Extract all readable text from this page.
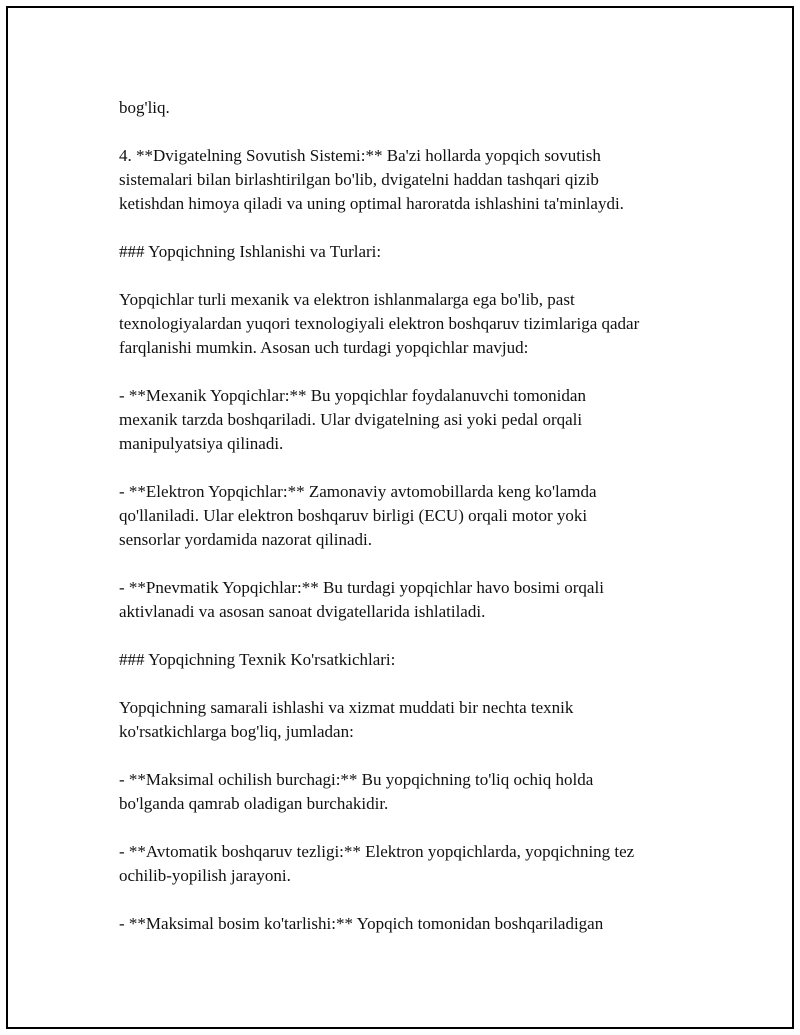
bog'liq.
4. **Dvigatelning Sovutish Sistemi:** Ba'zi hollarda yopqich sovutish
sistemalari bilan birlashtirilgan bo'lib, dvigatelni haddan tashqari qizib
ketishdan himoya qiladi va uning optimal haroratda ishlashini ta'minlaydi.
### Yopqichning Ishlanishi va Turlari:
Yopqichlar turli mexanik va elektron ishlanmalarga ega bo'lib, past
texnologiyalardan yuqori texnologiyali elektron boshqaruv tizimlariga qadar
farqlanishi mumkin. Asosan uch turdagi yopqichlar mavjud:
- **Mexanik Yopqichlar:** Bu yopqichlar foydalanuvchi tomonidan
mexanik tarzda boshqariladi. Ular dvigatelning asi yoki pedal orqali
manipulyatsiya qilinadi.
- **Elektron Yopqichlar:** Zamonaviy avtomobillarda keng ko'lamda
qo'llaniladi. Ular elektron boshqaruv birligi (ECU) orqali motor yoki
sensorlar yordamida nazorat qilinadi.
- **Pnevmatik Yopqichlar:** Bu turdagi yopqichlar havo bosimi orqali
aktivlanadi va asosan sanoat dvigatellarida ishlatiladi.
### Yopqichning Texnik Ko'rsatkichlari:
Yopqichning samarali ishlashi va xizmat muddati bir nechta texnik
ko'rsatkichlarga bog'liq, jumladan:
- **Maksimal ochilish burchagi:** Bu yopqichning to'liq ochiq holda
bo'lganda qamrab oladigan burchakidir.
- **Avtomatik boshqaruv tezligi:** Elektron yopqichlarda, yopqichning tez
ochilib-yopilish jarayoni.
- **Maksimal bosim ko'tarlishi:** Yopqich tomonidan boshqariladigan
